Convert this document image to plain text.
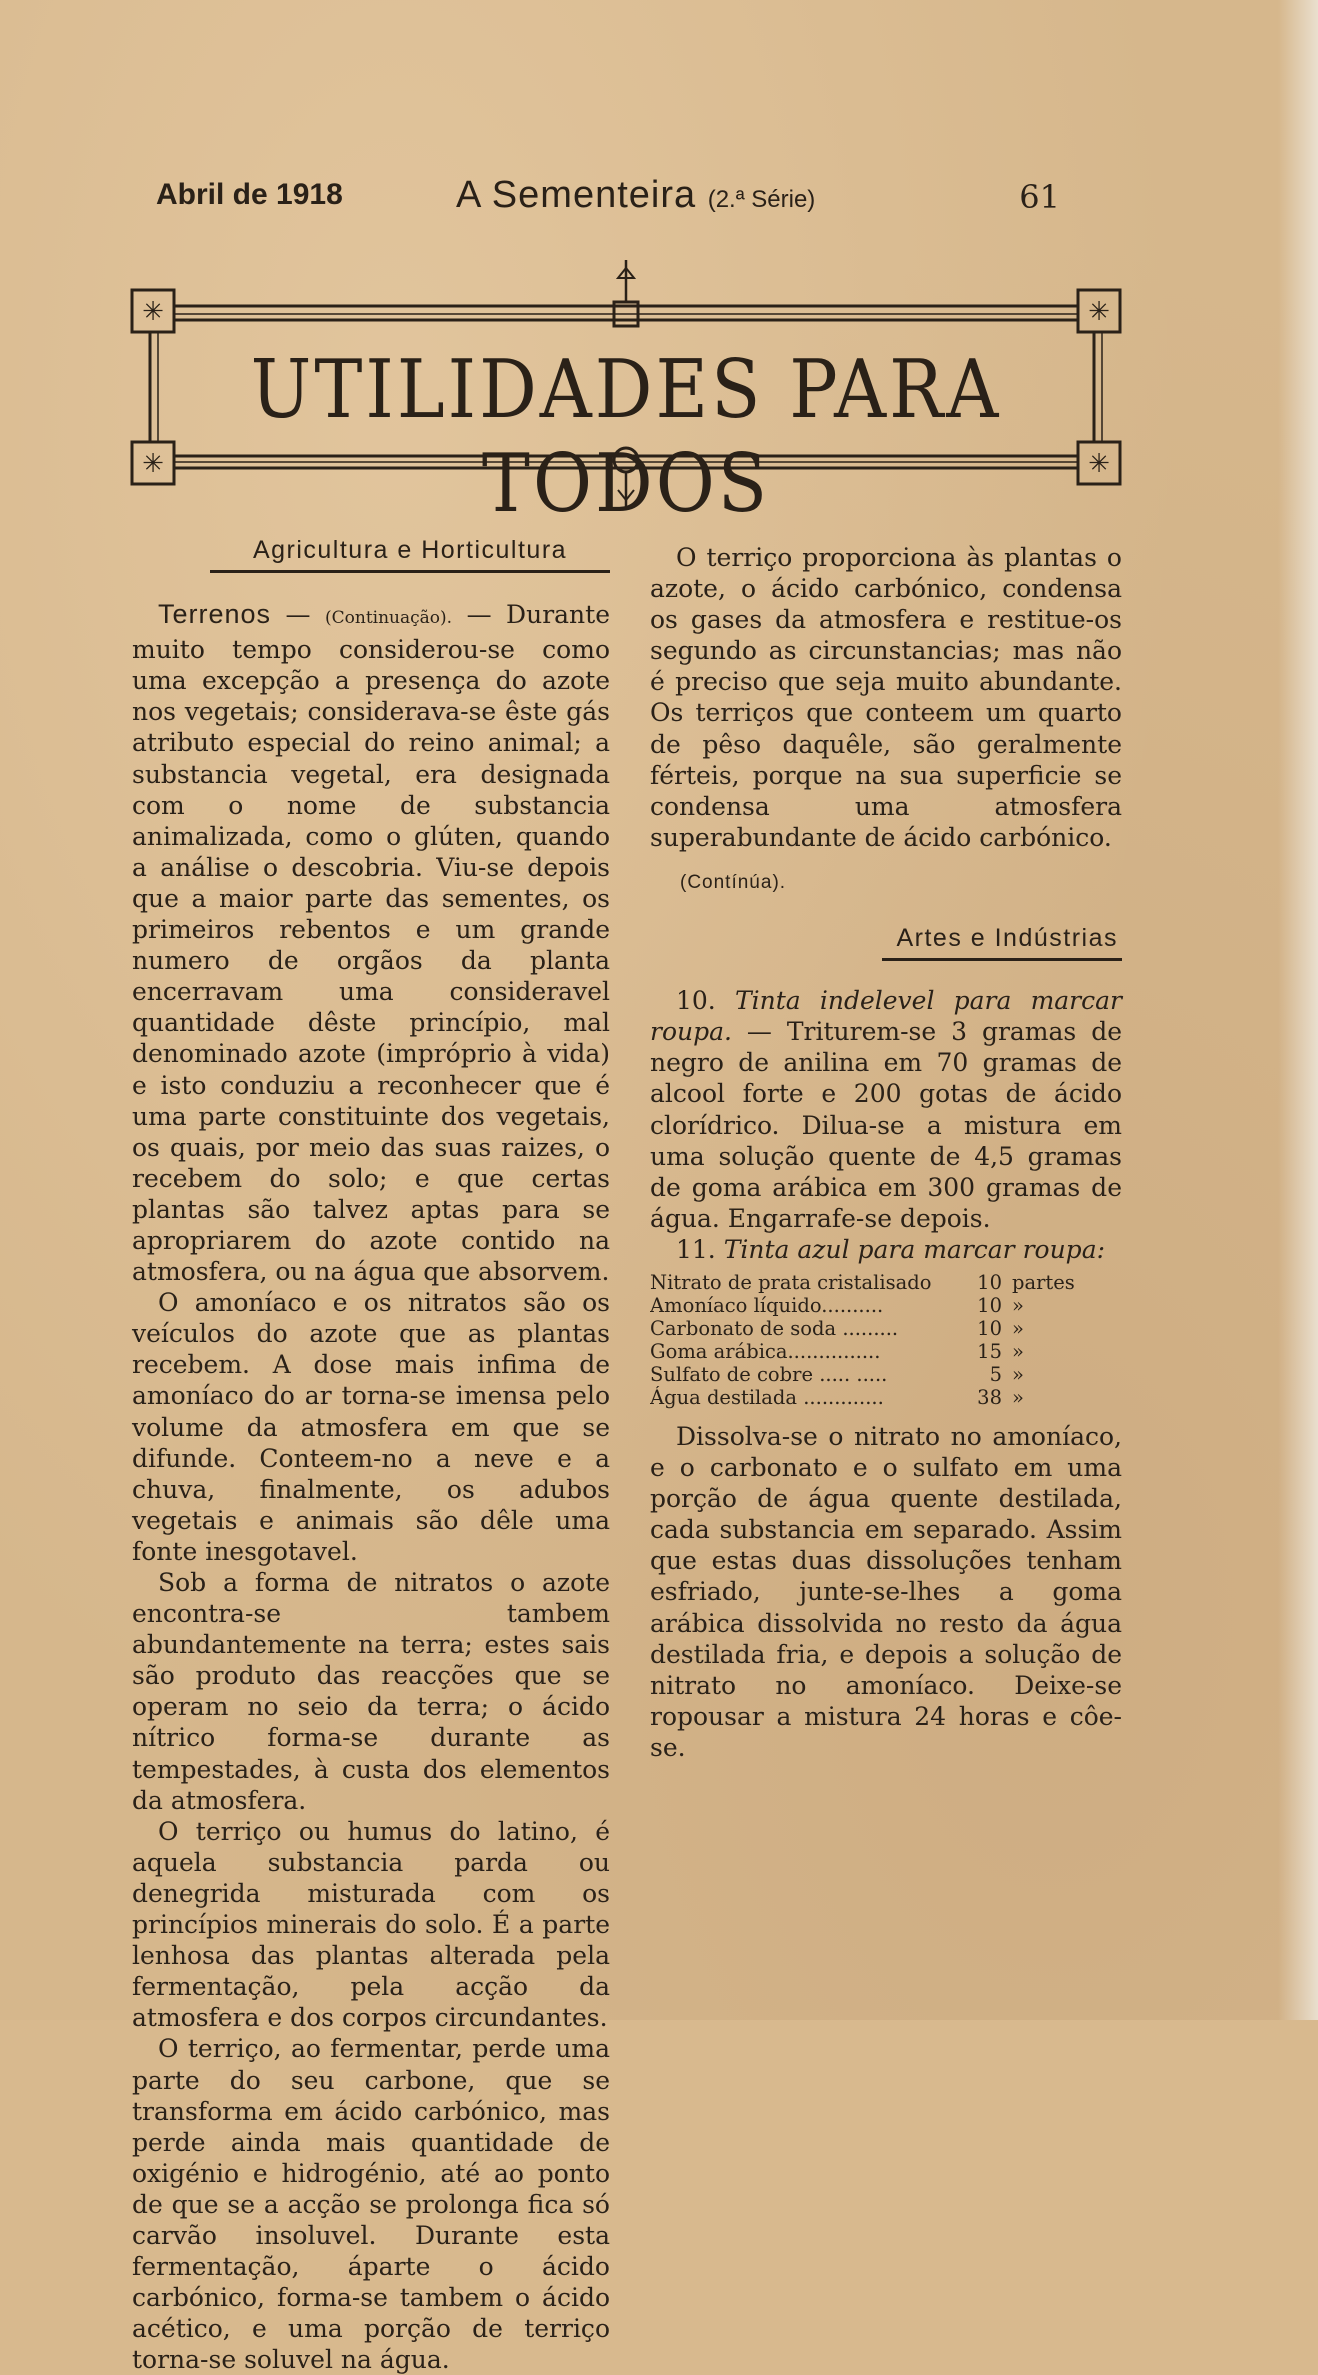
Abril de 1918	A Sementeira (2.ª Série)	61
✳	✳
✳	✳
UTILIDADES PARA TODOS
Agricultura e Horticultura

Terrenos — (Continuação). — Durante muito tempo considerou-se como uma excepção a presença do azote nos vegetais; considerava-se êste gás atributo especial do reino animal; a substancia vegetal, era designada com o nome de substancia animalizada, como o glúten, quando a análise o descobria. Viu-se depois que a maior parte das sementes, os primeiros rebentos e um grande numero de orgãos da planta encerravam uma consideravel quantidade dêste princípio, mal denominado azote (impróprio à vida) e isto conduziu a reconhecer que é uma parte constituinte dos vegetais, os quais, por meio das suas raizes, o recebem do solo; e que certas plantas são talvez aptas para se apropriarem do azote contido na atmosfera, ou na água que absorvem.

O amoníaco e os nitratos são os veículos do azote que as plantas recebem. A dose mais infima de amoníaco do ar torna-se imensa pelo volume da atmosfera em que se difunde. Conteem-no a neve e a chuva, finalmente, os adubos vegetais e animais são dêle uma fonte inesgotavel.

Sob a forma de nitratos o azote encontra-se tambem abundantemente na terra; estes sais são produto das reacções que se operam no seio da terra; o ácido nítrico forma-se durante as tempestades, à custa dos elementos da atmosfera.

O terriço ou humus do latino, é aquela substancia parda ou denegrida misturada com os princípios minerais do solo. É a parte lenhosa das plantas alterada pela fermentação, pela acção da atmosfera e dos corpos circundantes.

O terriço, ao fermentar, perde uma parte do seu carbone, que se transforma em ácido carbónico, mas perde ainda mais quantidade de oxigénio e hidrogénio, até ao ponto de que se a acção se prolonga fica só carvão insoluvel. Durante esta fermentação, áparte o ácido carbónico, forma-se tambem o ácido acético, e uma porção de terriço torna-se soluvel na água.

O terriço proporciona às plantas o azote, o ácido carbónico, condensa os gases da atmosfera e restitue-os segundo as circunstancias; mas não é preciso que seja muito abundante. Os terriços que conteem um quarto de pêso daquêle, são geralmente férteis, porque na sua superficie se condensa uma atmosfera superabundante de ácido carbónico.

(Contínúa).
Artes e Indústrias

10. Tinta indelevel para marcar roupa. — Triturem-se 3 gramas de negro de anilina em 70 gramas de alcool forte e 200 gotas de ácido clorídrico. Dilua-se a mistura em uma solução quente de 4,5 gramas de goma arábica em 300 gramas de água. Engarrafe-se depois.

11. Tinta azul para marcar roupa:

Nitrato de prata cristalisado	10 partes
Amoníaco líquido..........	10 »
Carbonato de soda .........	10 »
Goma arábica...............	15 »
Sulfato de cobre ..... .....	5 »
Água destilada .............	38 »

Dissolva-se o nitrato no amoníaco, e o carbonato e o sulfato em uma porção de água quente destilada, cada substancia em separado. Assim que estas duas dissoluções tenham esfriado, junte-se-lhes a goma arábica dissolvida no resto da água destilada fria, e depois a solução de nitrato no amoníaco. Deixe-se ropousar a mistura 24 horas e côe-se.
